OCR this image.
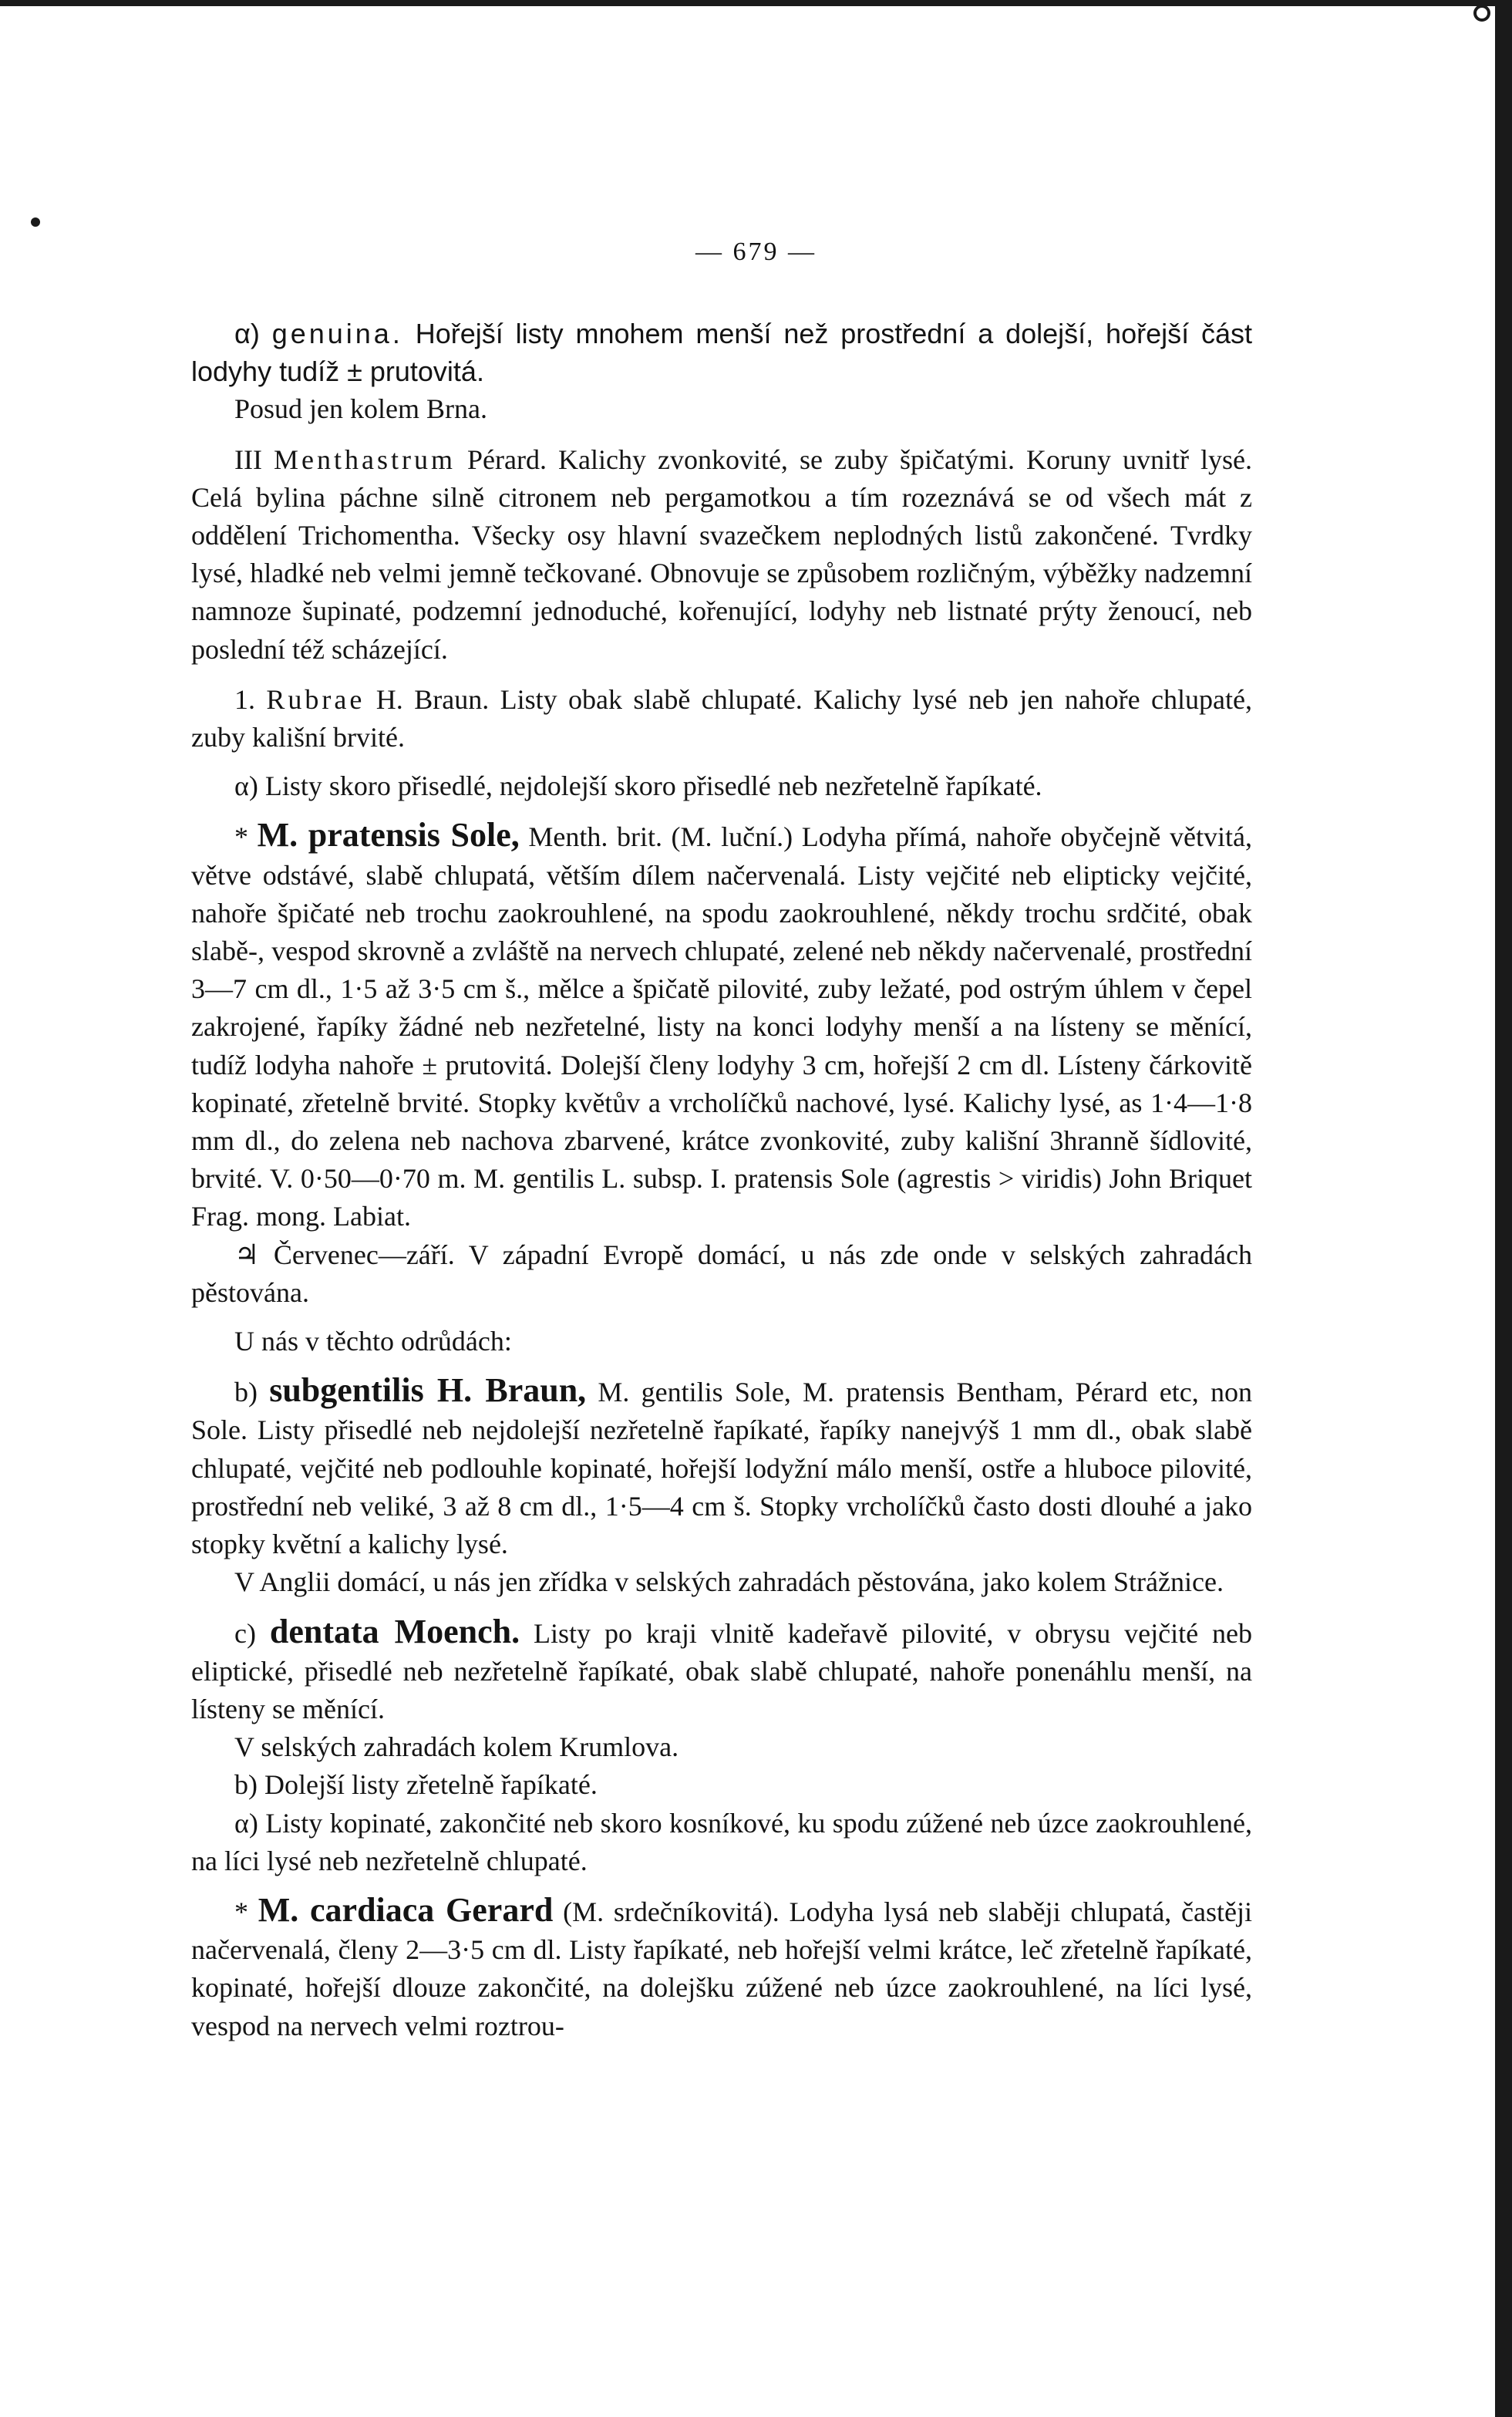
— 679 —

α) genuina. Hořejší listy mnohem menší než prostřední a dolejší, hořejší část lodyhy tudíž ± prutovitá.

Posud jen kolem Brna.

III Menthastrum Pérard. Kalichy zvonkovité, se zuby špičatými. Koruny uvnitř lysé. Celá bylina páchne silně citronem neb pergamotkou a tím rozeznává se od všech mát z oddělení Trichomentha. Všecky osy hlavní svazečkem neplodných listů zakončené. Tvrdky lysé, hladké neb velmi jemně tečkované. Obnovuje se způsobem rozličným, výběžky nadzemní namnoze šupinaté, podzemní jednoduché, kořenující, lodyhy neb listnaté prýty ženoucí, neb poslední též scházející.

1. Rubrae H. Braun. Listy obak slabě chlupaté. Kalichy lysé neb jen nahoře chlupaté, zuby kališní brvité.

α) Listy skoro přisedlé, nejdolejší skoro přisedlé neb nezřetelně řapíkaté.

* M. pratensis Sole, Menth. brit. (M. luční.) Lodyha přímá, nahoře obyčejně větvitá, větve odstávé, slabě chlupatá, větším dílem načervenalá. Listy vejčité neb elipticky vejčité, nahoře špičaté neb trochu zaokrouhlené, na spodu zaokrouhlené, někdy trochu srdčité, obak slabě-, vespod skrovně a zvláště na nervech chlupaté, zelené neb někdy načervenalé, prostřední 3—7 cm dl., 1·5 až 3·5 cm š., mělce a špičatě pilovité, zuby ležaté, pod ostrým úhlem v čepel zakrojené, řapíky žádné neb nezřetelné, listy na konci lodyhy menší a na lísteny se měnící, tudíž lodyha nahoře ± prutovitá. Dolejší členy lodyhy 3 cm, hořejší 2 cm dl. Lísteny čárkovitě kopinaté, zřetelně brvité. Stopky květův a vrcholíčků nachové, lysé. Kalichy lysé, as 1·4—1·8 mm dl., do zelena neb nachova zbarvené, krátce zvonkovité, zuby kališní 3hranně šídlovité, brvité. V. 0·50—0·70 m. M. gentilis L. subsp. I. pratensis Sole (agrestis > viridis) John Briquet Frag. mong. Labiat.

♃ Červenec—září. V západní Evropě domácí, u nás zde onde v selských zahradách pěstována.

U nás v těchto odrůdách:

b) subgentilis H. Braun, M. gentilis Sole, M. pratensis Bentham, Pérard etc, non Sole. Listy přisedlé neb nejdolejší nezřetelně řapíkaté, řapíky nanejvýš 1 mm dl., obak slabě chlupaté, vejčité neb podlouhle kopinaté, hořejší lodyžní málo menší, ostře a hluboce pilovité, prostřední neb veliké, 3 až 8 cm dl., 1·5—4 cm š. Stopky vrcholíčků často dosti dlouhé a jako stopky květní a kalichy lysé.

V Anglii domácí, u nás jen zřídka v selských zahradách pěstována, jako kolem Strážnice.

c) dentata Moench. Listy po kraji vlnitě kadeřavě pilovité, v obrysu vejčité neb eliptické, přisedlé neb nezřetelně řapíkaté, obak slabě chlupaté, nahoře ponenáhlu menší, na lísteny se měnící.

V selských zahradách kolem Krumlova.

b) Dolejší listy zřetelně řapíkaté.

α) Listy kopinaté, zakončité neb skoro kosníkové, ku spodu zúžené neb úzce zaokrouhlené, na líci lysé neb nezřetelně chlupaté.

* M. cardiaca Gerard (M. srdečníkovitá). Lodyha lysá neb slaběji chlupatá, častěji načervenalá, členy 2—3·5 cm dl. Listy řapíkaté, neb hořejší velmi krátce, leč zřetelně řapíkaté, kopinaté, hořejší dlouze zakončité, na dolejšku zúžené neb úzce zaokrouhlené, na líci lysé, vespod na nervech velmi roztrou-
